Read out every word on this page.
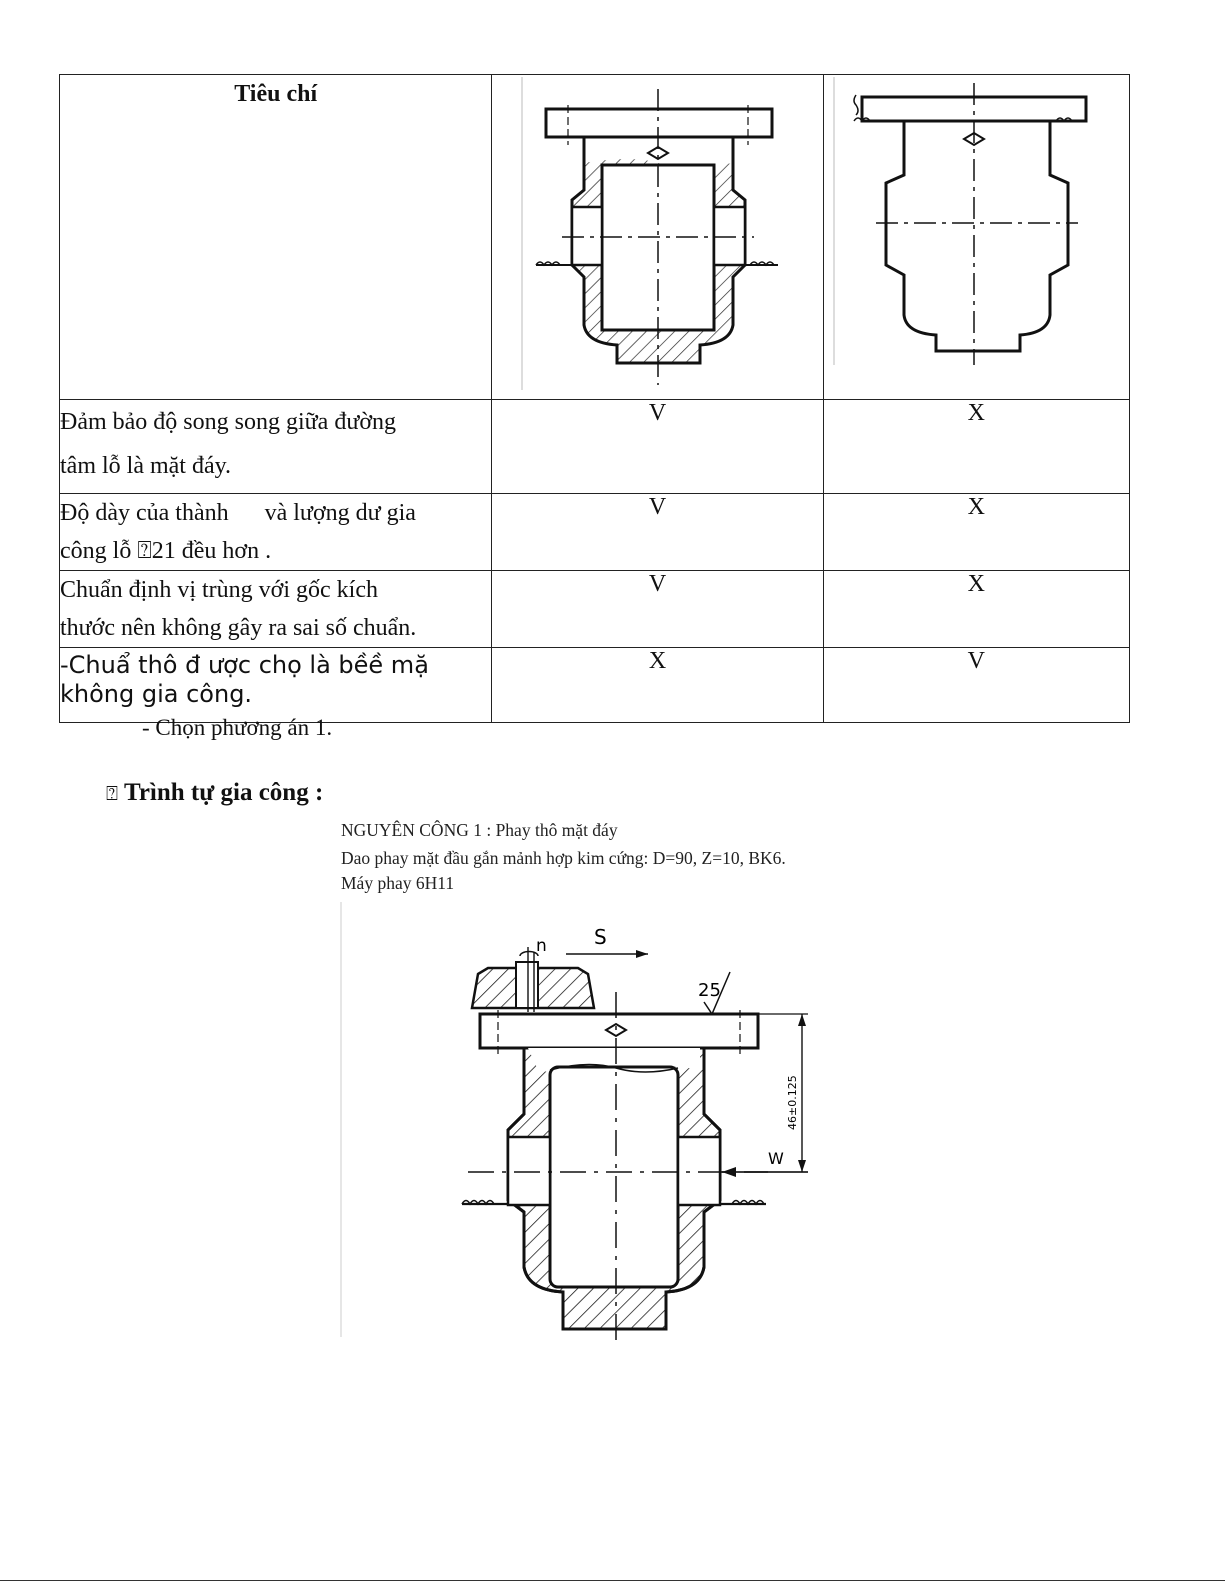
Tiêu chí

Đảm bảo độ song song giữa đường
tâm lỗ là mặt đáy.	V	X

Độ dày của thành      và lượng dư gia
công lỗ ⍰21 đều hơn .	V	X

Chuẩn định vị trùng với gốc kích
thước nên không gây ra sai số chuẩn.	V	X

-Chuẩ thô đ ược chọ là bềề mặ
không gia công.	X	V
- Chọn phương án 1.
⍰ Trình tự gia công :
n S
25
46±0.125
W
NGUYÊN CÔNG 1 : Phay thô mặt đáy
Dao phay mặt đầu gắn mảnh hợp kim cứng: D=90, Z=10, BK6.
Máy phay 6H11
